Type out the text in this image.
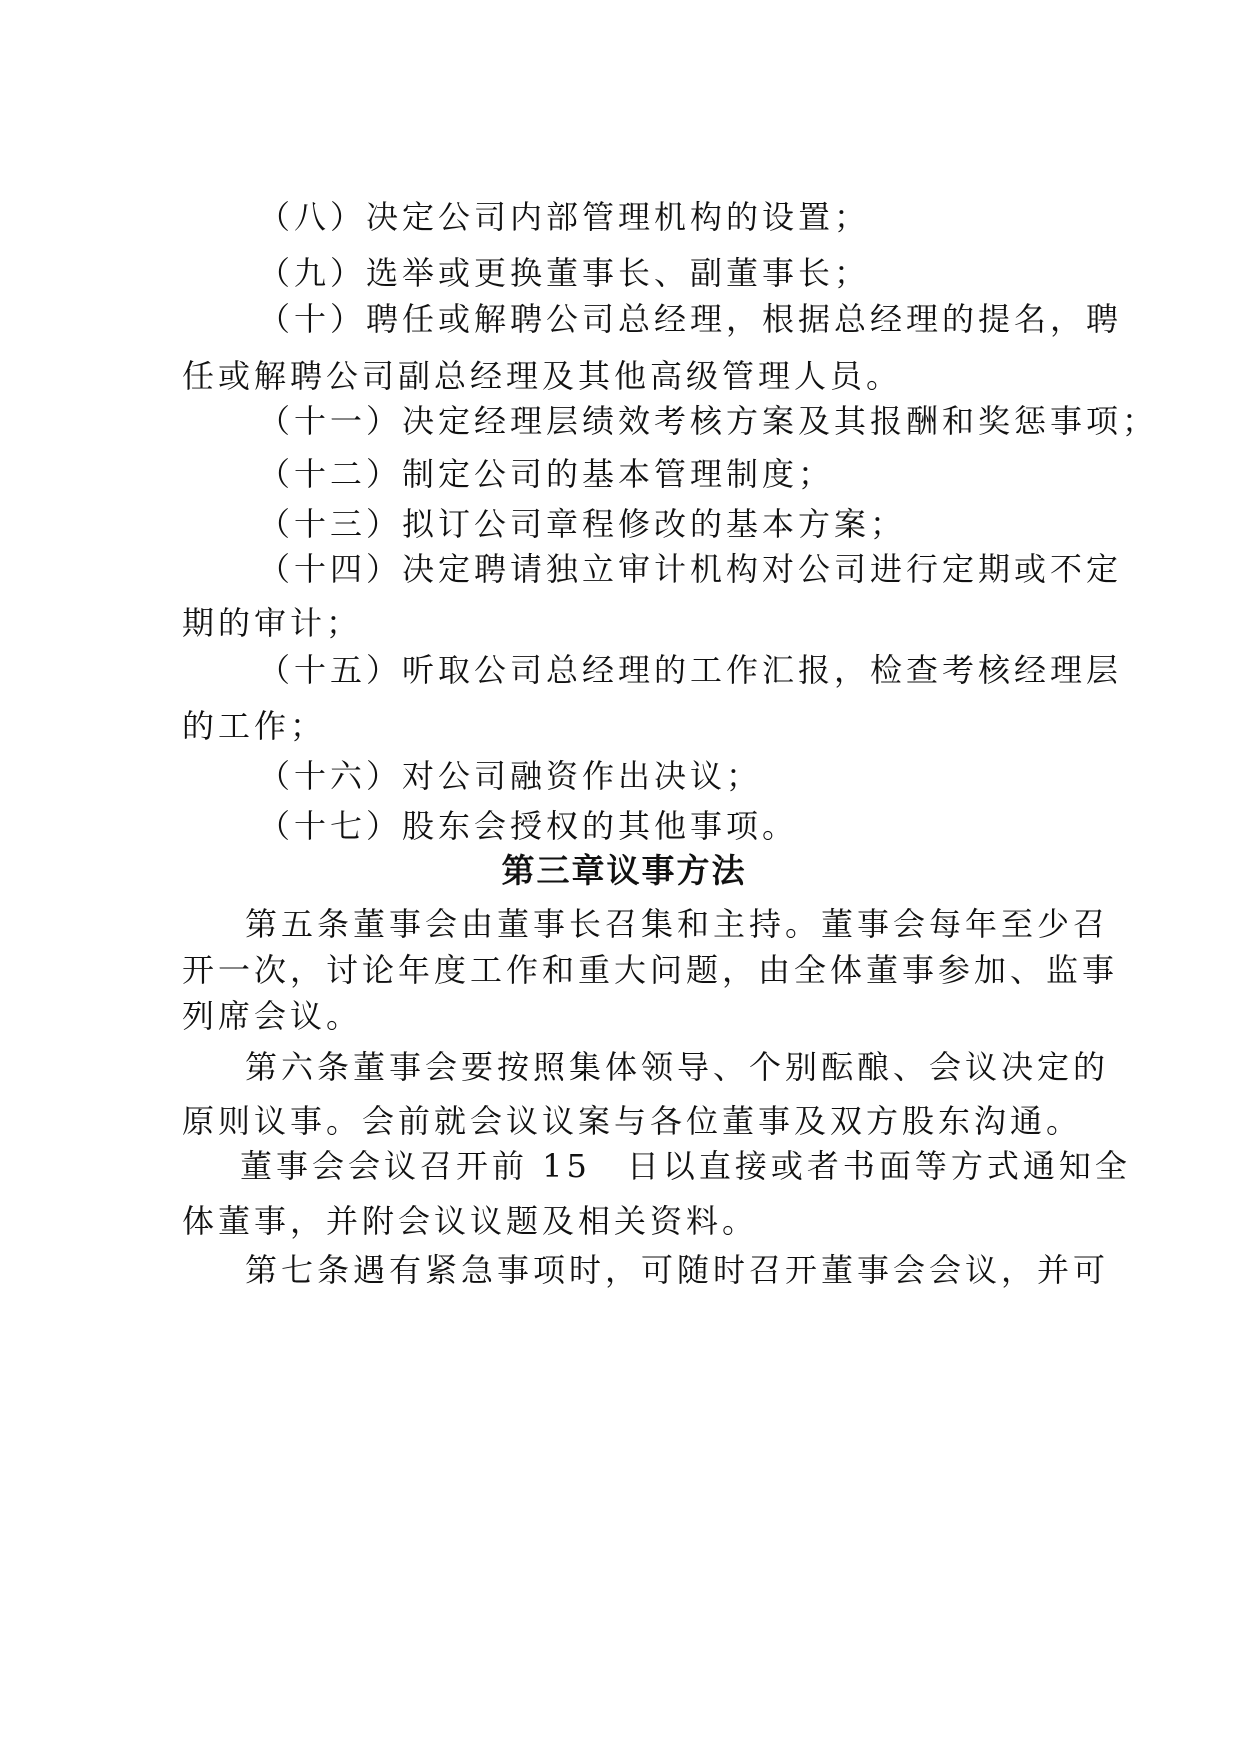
（八）决定公司内部管理机构的设置；

（九）选举或更换董事长、副董事长；

（十）聘任或解聘公司总经理，根据总经理的提名，聘

任或解聘公司副总经理及其他高级管理人员。

（十一）决定经理层绩效考核方案及其报酬和奖惩事项；

（十二）制定公司的基本管理制度；

（十三）拟订公司章程修改的基本方案；

（十四）决定聘请独立审计机构对公司进行定期或不定

期的审计；

（十五）听取公司总经理的工作汇报，检查考核经理层

的工作；

（十六）对公司融资作出决议；

（十七）股东会授权的其他事项。

第三章议事方法

第五条董事会由董事长召集和主持。董事会每年至少召

开一次，讨论年度工作和重大问题，由全体董事参加、监事

列席会议。

第六条董事会要按照集体领导、个别酝酿、会议决定的

原则议事。会前就会议议案与各位董事及双方股东沟通。

董事会会议召开前 15　日以直接或者书面等方式通知全

体董事，并附会议议题及相关资料。

第七条遇有紧急事项时，可随时召开董事会会议，并可
